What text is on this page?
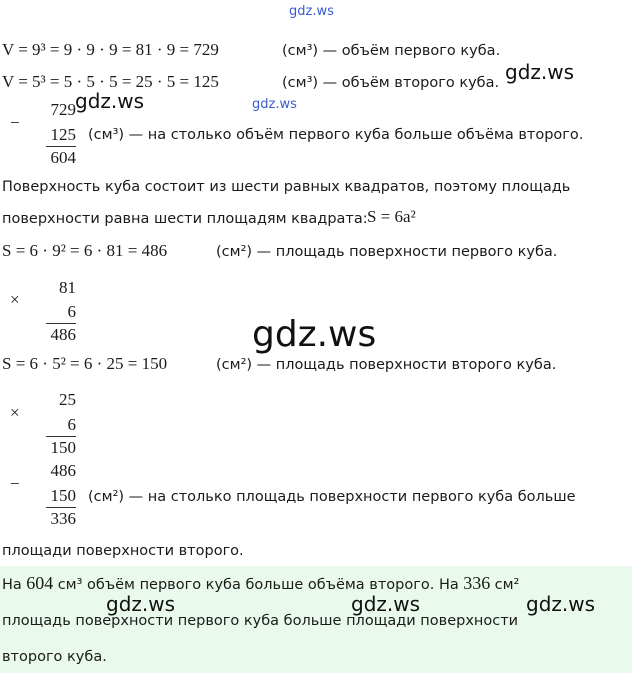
gdz.ws
V = 9³ = 9 · 9 · 9 = 81 · 9 = 729	(см³) — объём первого куба.
V = 5³ = 5 · 5 · 5 = 25 · 5 = 125	(см³) — объём второго куба. gdz.ws
gdz.ws	gdz.ws
729
−
125 (см³) — на столько объём первого куба больше объёма второго.
604
Поверхность куба состоит из шести равных квадратов, поэтому площадь
поверхности равна шести площадям квадрата: S = 6a²
S = 6 · 9² = 6 · 81 = 486	(см²) — площадь поверхности первого куба.
81
×
6
486	gdz.ws
S = 6 · 5² = 6 · 25 = 150	(см²) — площадь поверхности второго куба.
25
×
6
150
486
−
150 (см²) — на столько площадь поверхности первого куба больше
336
площади поверхности второго.
На 604 см³ объём первого куба больше объёма второго. На 336 см²
gdz.ws	gdz.ws	gdz.ws
площадь поверхности первого куба больше площади поверхности
второго куба.
